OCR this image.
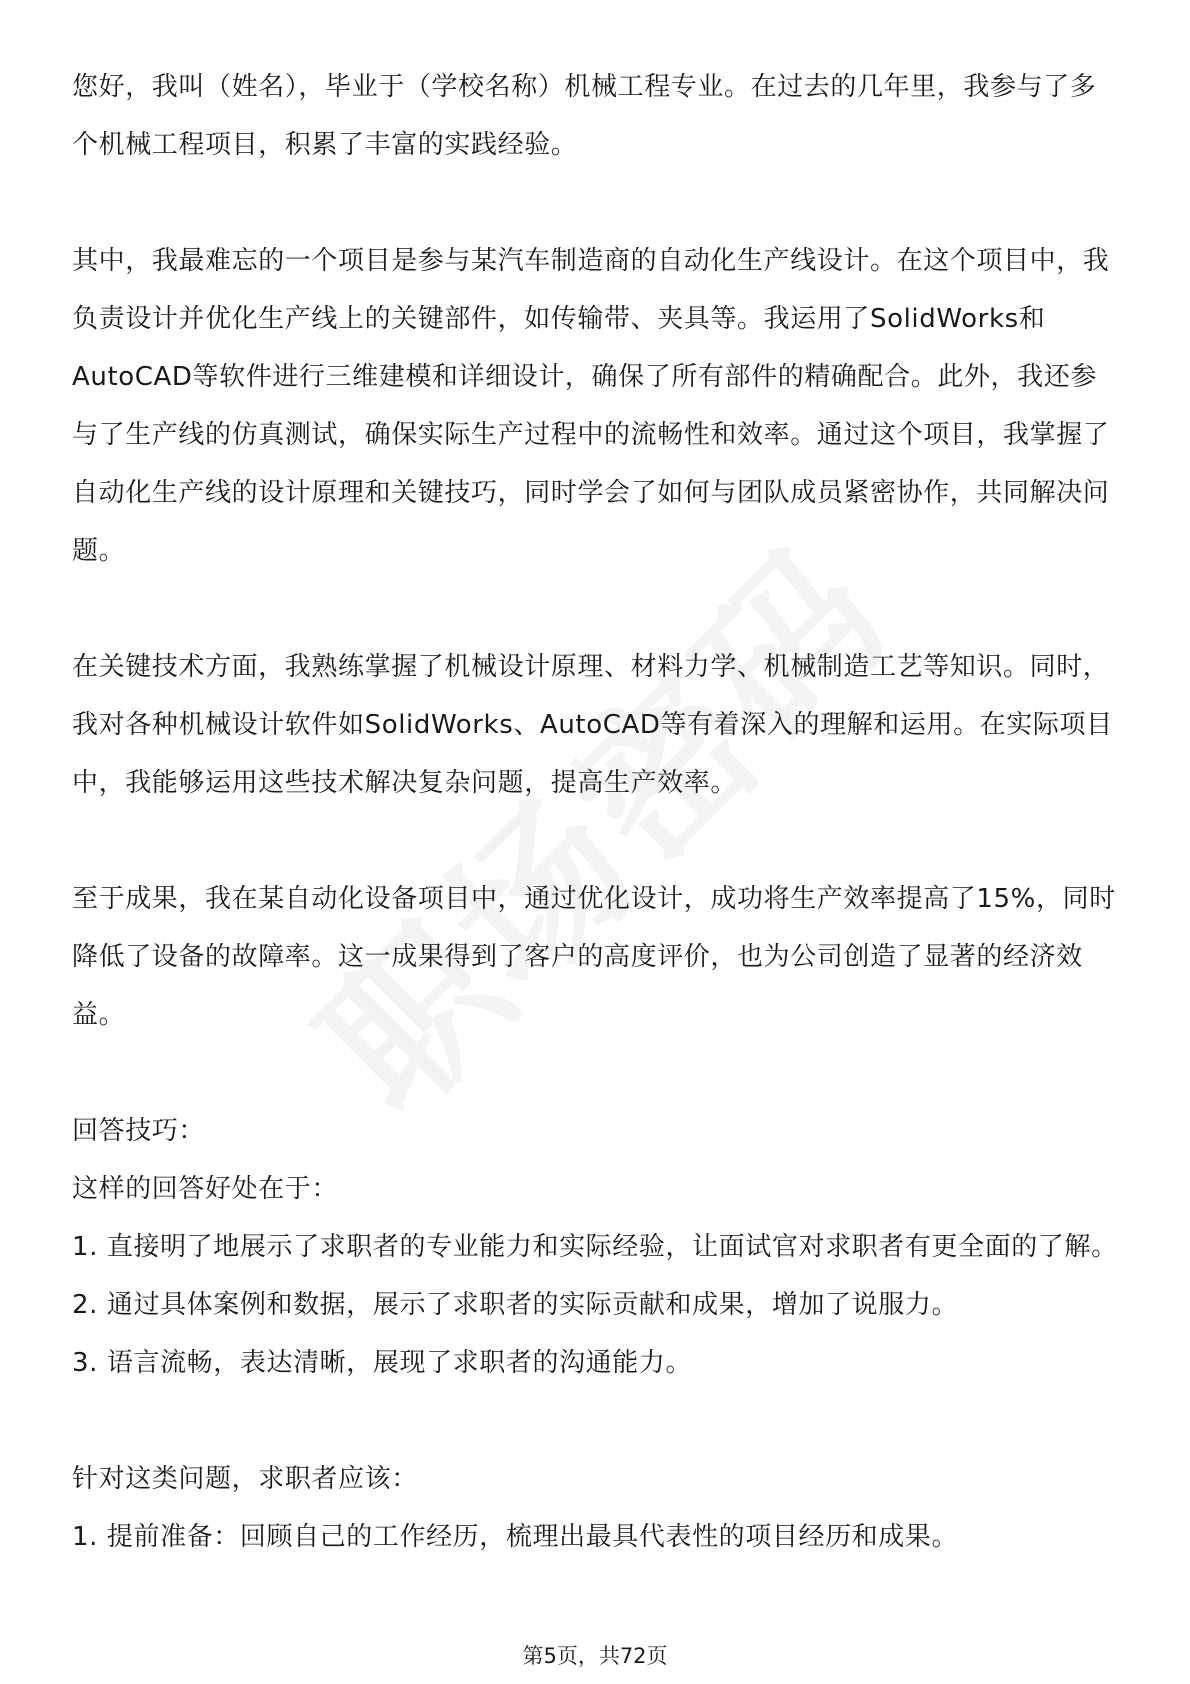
您好，我叫（姓名），毕业于（学校名称）机械工程专业。在过去的几年里，我参与了多个机械工程项目，积累了丰富的实践经验。

其中，我最难忘的一个项目是参与某汽车制造商的自动化生产线设计。在这个项目中，我负责设计并优化生产线上的关键部件，如传输带、夹具等。我运用了SolidWorks和AutoCAD等软件进行三维建模和详细设计，确保了所有部件的精确配合。此外，我还参与了生产线的仿真测试，确保实际生产过程中的流畅性和效率。通过这个项目，我掌握了自动化生产线的设计原理和关键技巧，同时学会了如何与团队成员紧密协作，共同解决问题。

在关键技术方面，我熟练掌握了机械设计原理、材料力学、机械制造工艺等知识。同时，我对各种机械设计软件如SolidWorks、AutoCAD等有着深入的理解和运用。在实际项目中，我能够运用这些技术解决复杂问题，提高生产效率。

至于成果，我在某自动化设备项目中，通过优化设计，成功将生产效率提高了15%，同时降低了设备的故障率。这一成果得到了客户的高度评价，也为公司创造了显著的经济效益。

回答技巧：

这样的回答好处在于：

1. 直接明了地展示了求职者的专业能力和实际经验，让面试官对求职者有更全面的了解。

2. 通过具体案例和数据，展示了求职者的实际贡献和成果，增加了说服力。

3. 语言流畅，表达清晰，展现了求职者的沟通能力。

针对这类问题，求职者应该：

1. 提前准备：回顾自己的工作经历，梳理出最具代表性的项目经历和成果。

第5页，共72页
